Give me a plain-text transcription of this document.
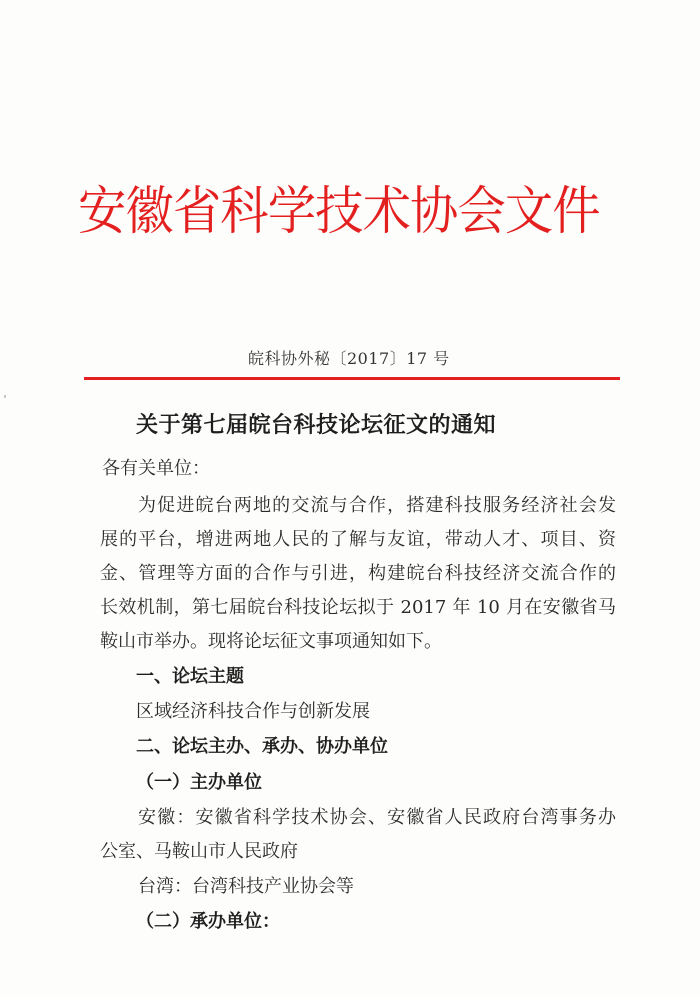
安徽省科学技术协会文件
皖科协外秘〔2017〕17 号
关于第七届皖台科技论坛征文的通知
各有关单位：
为促进皖台两地的交流与合作，搭建科技服务经济社会发
展的平台，增进两地人民的了解与友谊，带动人才、项目、资
金、管理等方面的合作与引进，构建皖台科技经济交流合作的
长效机制，第七届皖台科技论坛拟于 2017 年 10 月在安徽省马
鞍山市举办。现将论坛征文事项通知如下。
一、论坛主题
区域经济科技合作与创新发展
二、论坛主办、承办、协办单位
（一）主办单位
安徽：安徽省科学技术协会、安徽省人民政府台湾事务办
公室、马鞍山市人民政府
台湾：台湾科技产业协会等
（二）承办单位：
